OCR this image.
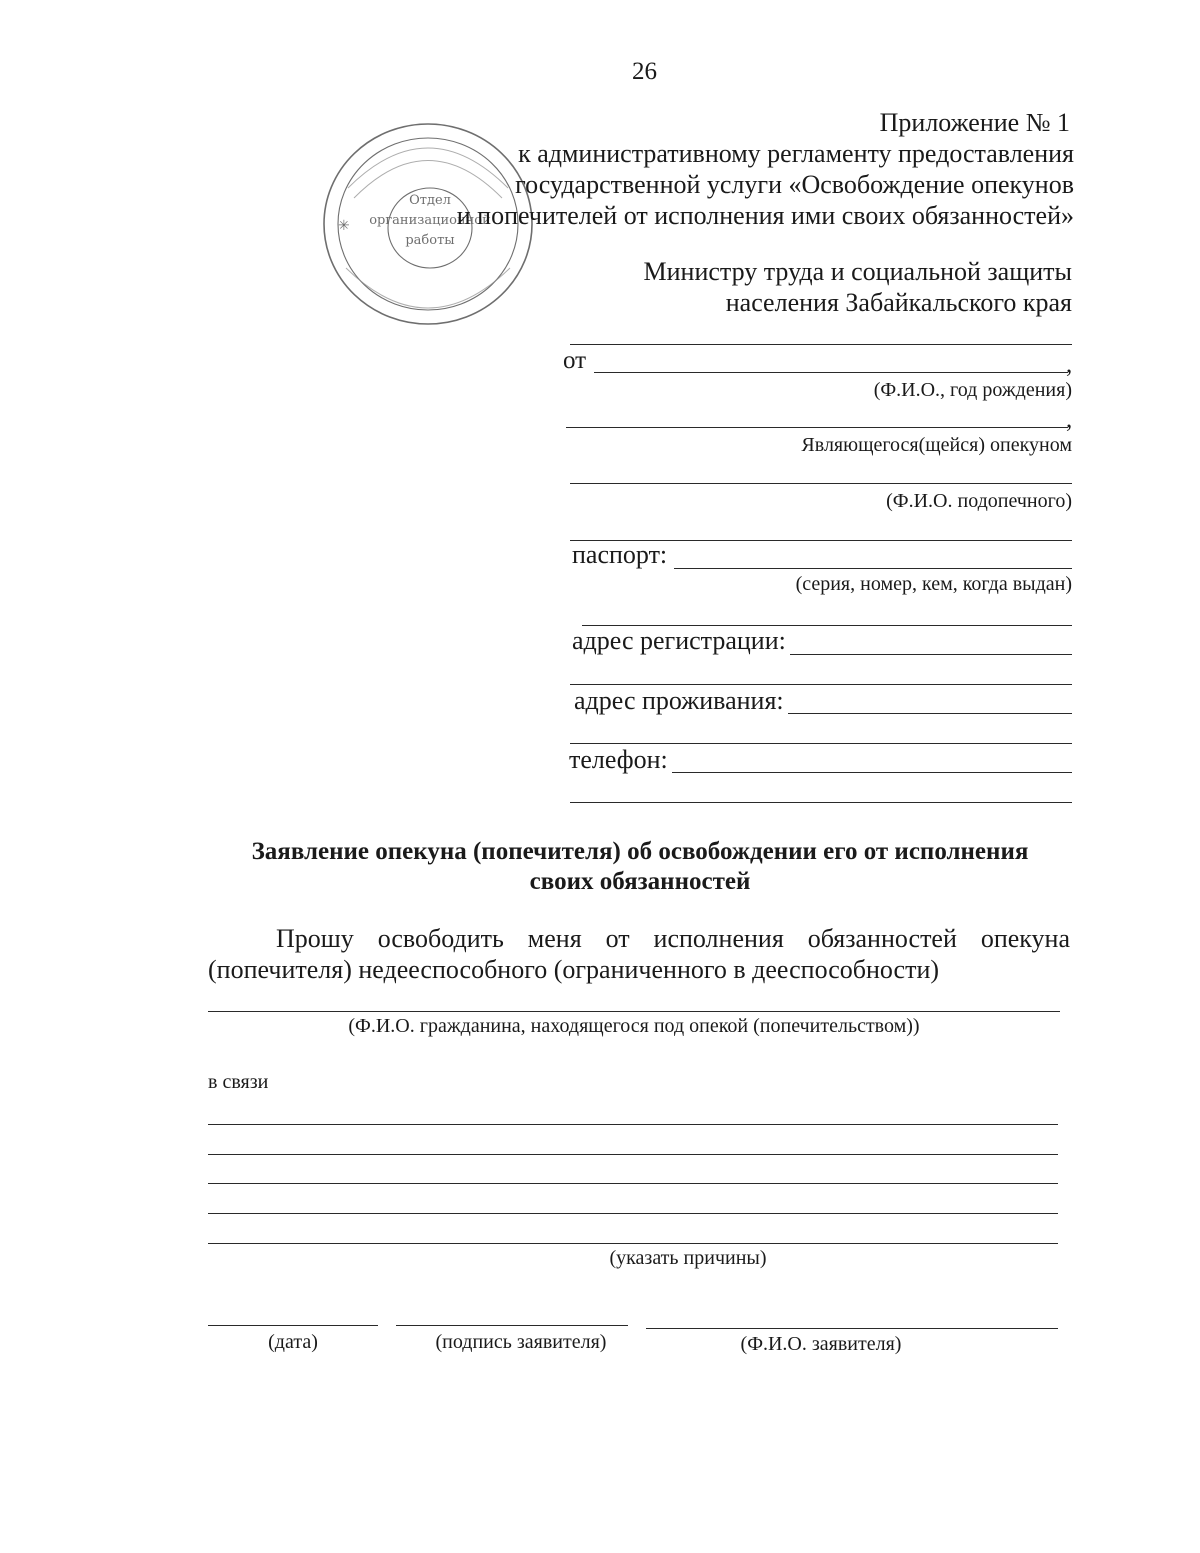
26
✳
Отдел
организационной
работы
Приложение № 1
к административному регламенту предоставления
государственной услуги «Освобождение опекунов
и попечителей от исполнения ими своих обязанностей»
Министру труда и социальной защиты
населения Забайкальского края
от	,
(Ф.И.О., год рождения)
,
Являющегося(щейся) опекуном
(Ф.И.О. подопечного)
паспорт:
(серия, номер, кем, когда выдан)
адрес регистрации:
адрес проживания:
телефон:
Заявление опекуна (попечителя) об освобождении его от исполнения
своих обязанностей
Прошу освободить меня от исполнения обязанностей опекуна
(попечителя) недееспособного (ограниченного в дееспособности)
(Ф.И.О. гражданина, находящегося под опекой (попечительством))
в связи
(указать причины)
(дата)	(подпись заявителя)	(Ф.И.О. заявителя)
